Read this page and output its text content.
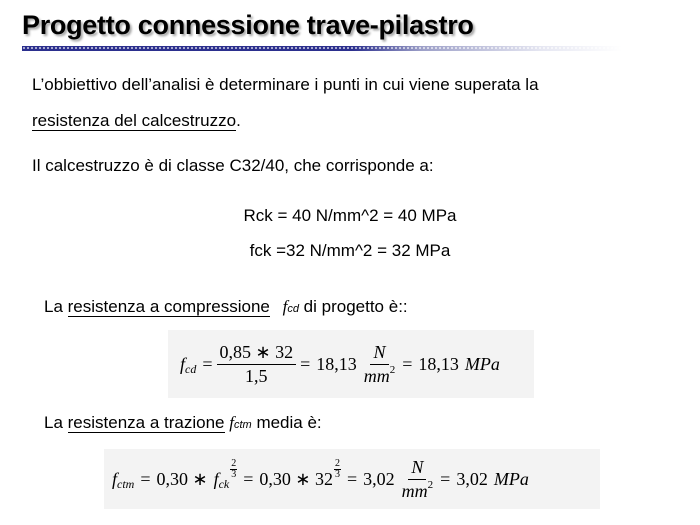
Progetto connessione trave-pilastro
L’obbiettivo dell’analisi è determinare i punti in cui viene superata la
resistenza del calcestruzzo.
Il calcestruzzo è di classe C32/40, che corrisponde a:
Rck = 40 N/mm^2 = 40 MPa
fck =32 N/mm^2 = 32 MPa
La resistenza a compressione fcd di progetto è::
f cd = $\frac{0,85 ∗ 32}{1,5} = 18,13 \frac{N}{mm^2} = 18,13$ MPa
La resistenza a trazione fctm media è:
f ctm = 0,30 ∗ f ck
2
3 = 0,30 ∗ 32
2
$3 = 3,02 \frac{N}{mm^2} = 3,02$ MPa
